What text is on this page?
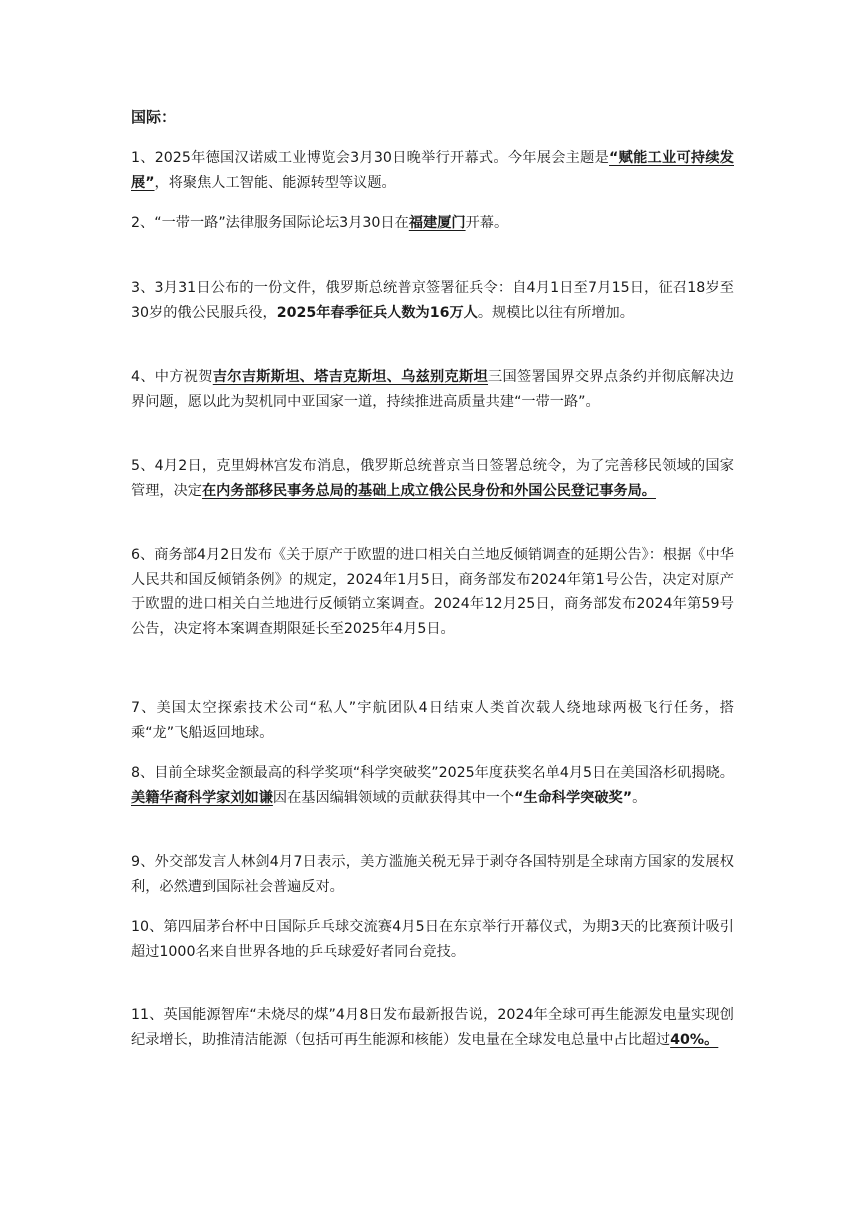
国际：
1、2025年德国汉诺威工业博览会3月30日晚举行开幕式。今年展会主题是“赋能工业可持续发展”，将聚焦人工智能、能源转型等议题。
2、“一带一路”法律服务国际论坛3月30日在福建厦门开幕。
3、3月31日公布的一份文件，俄罗斯总统普京签署征兵令：自4月1日至7月15日，征召18岁至30岁的俄公民服兵役，2025年春季征兵人数为16万人。规模比以往有所增加。
4、中方祝贺吉尔吉斯斯坦、塔吉克斯坦、乌兹别克斯坦三国签署国界交界点条约并彻底解决边界问题，愿以此为契机同中亚国家一道，持续推进高质量共建“一带一路”。
5、4月2日，克里姆林宫发布消息，俄罗斯总统普京当日签署总统令，为了完善移民领域的国家管理，决定在内务部移民事务总局的基础上成立俄公民身份和外国公民登记事务局。
6、商务部4月2日发布《关于原产于欧盟的进口相关白兰地反倾销调查的延期公告》：根据《中华人民共和国反倾销条例》的规定，2024年1月5日，商务部发布2024年第1号公告，决定对原产于欧盟的进口相关白兰地进行反倾销立案调查。2024年12月25日，商务部发布2024年第59号公告，决定将本案调查期限延长至2025年4月5日。
7、美国太空探索技术公司“私人”宇航团队4日结束人类首次载人绕地球两极飞行任务，搭乘“龙”飞船返回地球。
8、目前全球奖金额最高的科学奖项“科学突破奖”2025年度获奖名单4月5日在美国洛杉矶揭晓。美籍华裔科学家刘如谦因在基因编辑领域的贡献获得其中一个“生命科学突破奖”。
9、外交部发言人林剑4月7日表示，美方滥施关税无异于剥夺各国特别是全球南方国家的发展权利，必然遭到国际社会普遍反对。
10、第四届茅台杯中日国际乒乓球交流赛4月5日在东京举行开幕仪式，为期3天的比赛预计吸引超过1000名来自世界各地的乒乓球爱好者同台竞技。
11、英国能源智库“未烧尽的煤”4月8日发布最新报告说，2024年全球可再生能源发电量实现创纪录增长，助推清洁能源（包括可再生能源和核能）发电量在全球发电总量中占比超过40%。
